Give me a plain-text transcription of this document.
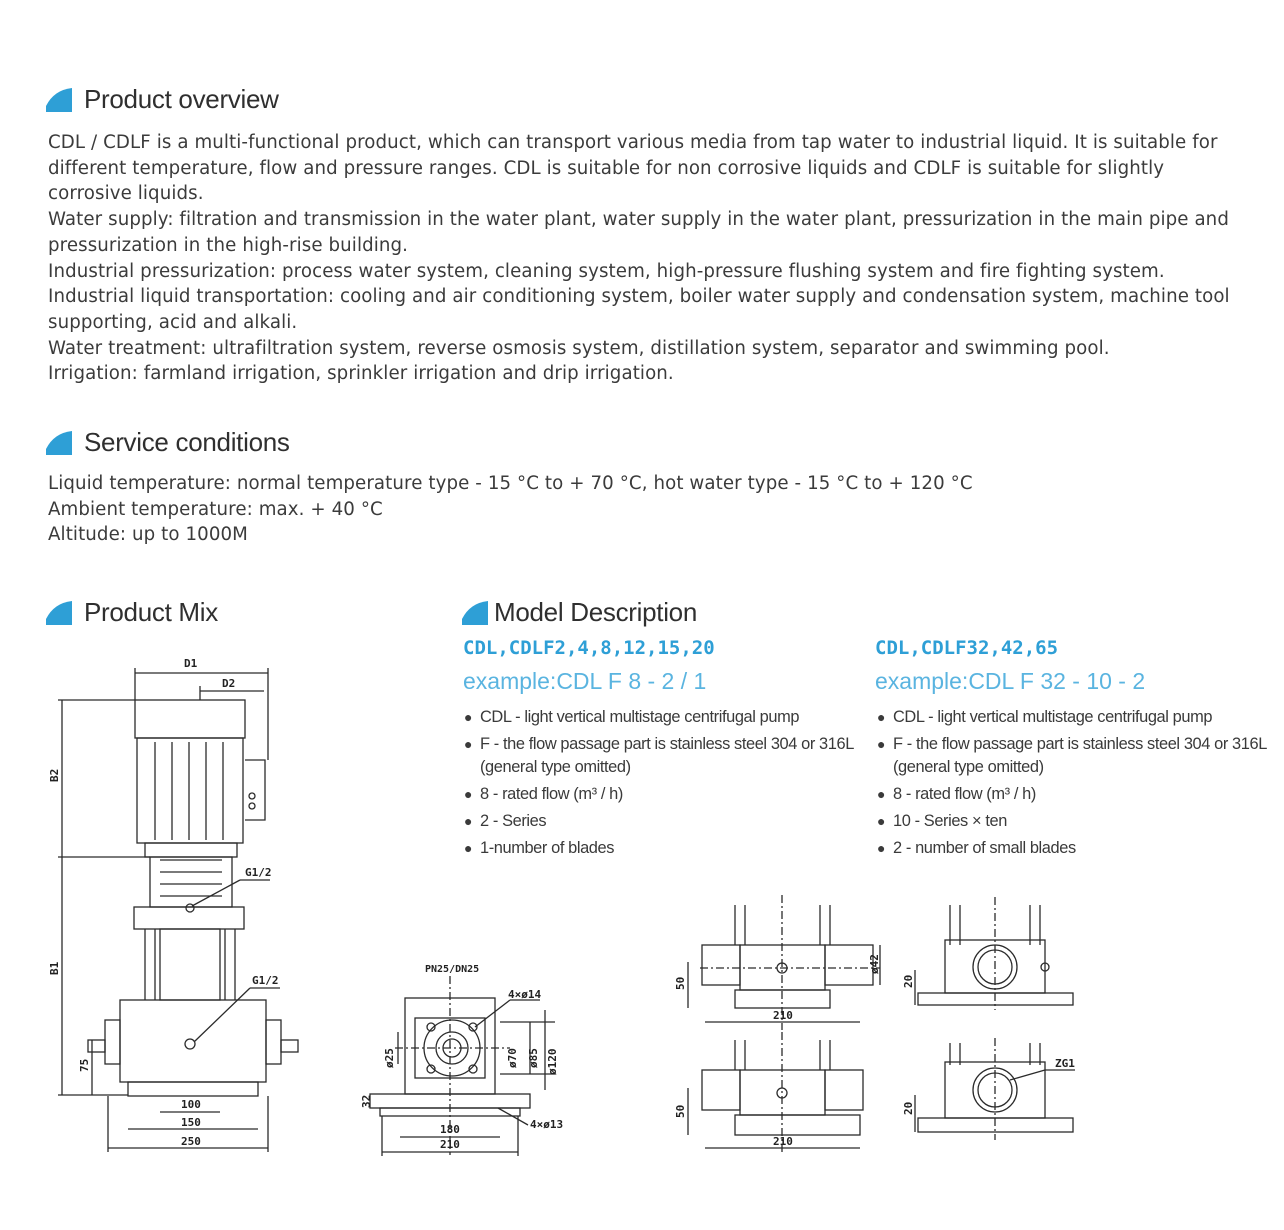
Product overview

CDL / CDLF is a multi-functional product, which can transport various media from tap water to industrial liquid. It is suitable for different temperature, flow and pressure ranges. CDL is suitable for non corrosive liquids and CDLF is suitable for slightly corrosive liquids.

Water supply: filtration and transmission in the water plant, water supply in the water plant, pressurization in the main pipe and pressurization in the high-rise building.

Industrial pressurization: process water system, cleaning system, high-pressure flushing system and fire fighting system.

Industrial liquid transportation: cooling and air conditioning system, boiler water supply and condensation system, machine tool supporting, acid and alkali.

Water treatment: ultrafiltration system, reverse osmosis system, distillation system, separator and swimming pool.

Irrigation: farmland irrigation, sprinkler irrigation and drip irrigation.

Service conditions

Liquid temperature: normal temperature type - 15 °C to + 70 °C, hot water type - 15 °C to + 120 °C

Ambient temperature: max. + 40 °C

Altitude: up to 1000M

Product Mix	Model Description
CDL,CDLF2,4,8,12,15,20
example:CDL F 8 - 2 / 1
● CDL - light vertical multistage centrifugal pump
● F - the flow passage part is stainless steel 304 or 316L
(general type omitted)
● 8 - rated flow (m³ / h)
● 2 - Series
● 1-number of blades
CDL,CDLF32,42,65
example:CDL F 32 - 10 - 2
● CDL - light vertical multistage centrifugal pump
● F - the flow passage part is stainless steel 304 or 316L
(general type omitted)
● 8 - rated flow (m³ / h)
● 10 - Series × ten
● 2 - number of small blades
D1
D2
B2
B1
G1/2
G1/2
75
100
150
250
PN25/DN25
4×ø14
4×ø13
180
210
32
ø25	ø70 ø85 ø120
50
ø42
210
20
50
210
20
ZG1
